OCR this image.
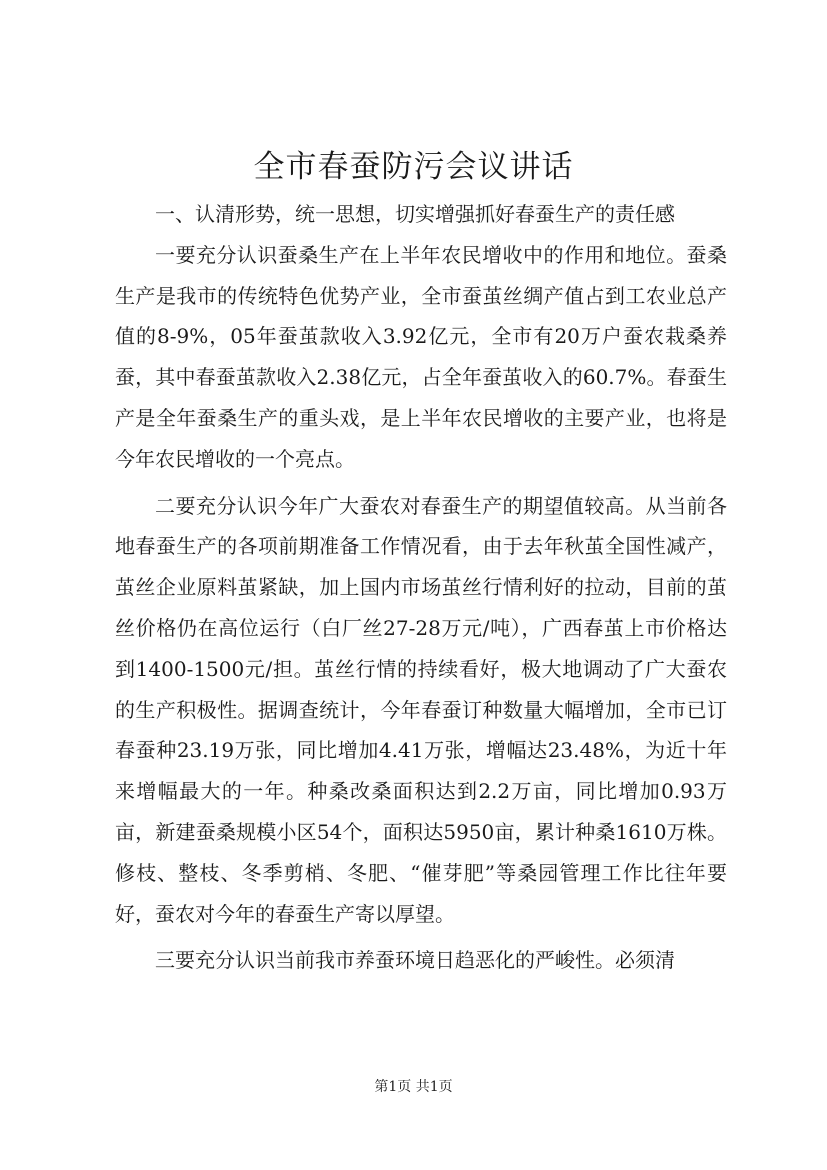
全市春蚕防污会议讲话

一、认清形势，统一思想，切实增强抓好春蚕生产的责任感

一要充分认识蚕桑生产在上半年农民增收中的作用和地位。蚕桑生产是我市的传统特色优势产业，全市蚕茧丝绸产值占到工农业总产值的8-9%，05年蚕茧款收入3.92亿元，全市有20万户蚕农栽桑养蚕，其中春蚕茧款收入2.38亿元，占全年蚕茧收入的60.7%。春蚕生产是全年蚕桑生产的重头戏，是上半年农民增收的主要产业，也将是今年农民增收的一个亮点。

二要充分认识今年广大蚕农对春蚕生产的期望值较高。从当前各地春蚕生产的各项前期准备工作情况看，由于去年秋茧全国性减产，茧丝企业原料茧紧缺，加上国内市场茧丝行情利好的拉动，目前的茧丝价格仍在高位运行（白厂丝27-28万元/吨），广西春茧上市价格达到1400-1500元/担。茧丝行情的持续看好，极大地调动了广大蚕农的生产积极性。据调查统计，今年春蚕订种数量大幅增加，全市已订春蚕种23.19万张，同比增加4.41万张，增幅达23.48%，为近十年来增幅最大的一年。种桑改桑面积达到2.2万亩，同比增加0.93万亩，新建蚕桑规模小区54个，面积达5950亩，累计种桑1610万株。修枝、整枝、冬季剪梢、冬肥、“催芽肥”等桑园管理工作比往年要好，蚕农对今年的春蚕生产寄以厚望。

三要充分认识当前我市养蚕环境日趋恶化的严峻性。必须清

第1页 共1页
